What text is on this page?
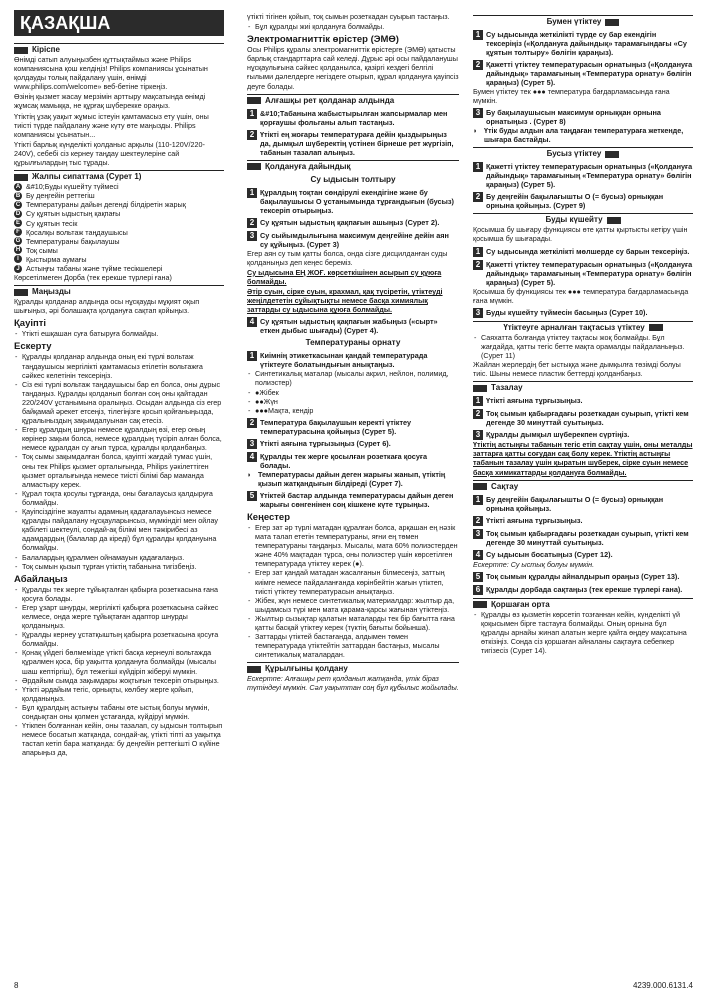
ҚАЗАҚША
Кіріспе
Өнімді сатып алуыңызбен құттықтаймыз және Philips компаниясына қош келдіңіз! Philips компаниясы ұсынатын қолдауды толық пайдалану үшін, өнімді www.philips.com/welcome» веб-бетіне тіркеңіз.
Өзінің қызмет жасау мерзімін арттыру мақсатында өнімді жұмсақ мамыққа, не құрғақ шүберекке ораңыз.
Үтіктің ұзақ уақыт жұмыс істеуін қамтамасыз ету үшін, оны тиісті түрде пайдалану және күту өте маңызды. Philips компаниясы ұсынатын...
Үтікті барлық күнделікті қолданыс арқылы (110-120V/220-240V), себебі сіз кернеу таңдау шектеулеріне сай құрылғылардың тыс тұрады.
Жалпы сипаттама (Сурет 1)
A &#10;Буды күшейту түймесі
B Бу деңгейін реттегіш
C Температураны дайын дегенді білдіретін жарық
D Су құятын ыдыстың қақпағы
E Су құятын тесік
F Қосалқы вольтаж таңдаушысы
G Температураны бақылаушы
H Тоқ сымы
I Қыстырма аумағы
J Астыңғы табаны және түйме тесікшелері
Көрсетілмеген Дорба (тек ерекше түрлері ғана)
Маңызды
Құралды қолданар алдында осы нұсқауды мұқият оқып шығыңыз, әрі болашақта қолдануға сақтап қойыңыз.
Қауіпті
- Үтікті ешқашан суға батыруға болмайды.
Ескерту
- Құралды қолданар алдында оның екі түрлі вольтаж таңдаушысы жергілікті қамтамасыз етілетін вольтажға сәйкес келетінін тексеріңіз.
- Сіз екі түрлі вольтаж таңдаушысы бар ел болса, оны дұрыс таңдаңыз. Құралды қолданып болған соң оны қайтадан 220/240V ұстанымына оралыңыз. Осыдан алдында сіз егер байқамай әрекет етсеңіз, тілегіңізге қосып қойғаныңызда, құралыныздың зақымдалуынан сақ етесіз.
- Егер құралдың шнуры немесе құралдың өзі, егер оның көрінер зақым болса, немесе құралдың түсіріп алған болса, немесе құралдан су ағып тұрса, құралды қолданбаңыз.
- Тоқ сымы зақымдалған болса, қауіпті жағдай тумас үшін, оны тек Philips қызмет орталығында, Philips уәкілеттіген қызмет орталығында немесе тиісті білімі бар маманда алмастыру керек.
- Құрал тоқта қосулы тұрғанда, оны бағалаусыз қалдыруға болмайды.
- Қауіпсіздігіне жауапты адамның қадағалауынсыз немесе құралды пайдалану нұсқауларынсыз, мүмкіндігі мен ойлау қабілеті шектеулі, сондай-ақ білімі мен тәжірибесі аз адамдардың (балалар да кіреді) бұл құралды қолдануына болмайды.
- Балалардың құралмен ойнамауын қадағалаңыз.
- Тоқ сымын қызып тұрған үтіктің табанына тигізбеңіз.
Абайлаңыз
- Құралды тек жерге тұйықталған қабырға розеткасына ғана қосуға болады.
- Егер ұзарт шнурды, жергілікті қабырға розеткасына сәйкес келмесе, онда жерге тұйықтаған адаптор шнурды қолданыңыз.
- Құралды кернеу ұстатқыштың қабырға розеткасына қосуға болмайды.
- Қонақ үйдегі бөлмемізде үтікті басқа кернеулі вольтажда құралмен қоса, бір уақытта қолдануға болмайды (мысалы шаш кептіргіш), бұл тежегіші күйдіріп жіберуі мүмкін.
- Әрдайым сымда зақымдары жоқтығын тексеріп отырыңыз.
- Үтікті әрдайым тегіс, орнықты, көлбеу жерге қойып, қолданыңыз.
- Бұл құралдың астыңғы табаны өте ыстық болуы мүмкін, сондықтан оны қолмен ұстағанда, күйдіруі мүмкін.
- Үтікпен болғаннан кейін, оны тазалап, су ыдысын толтырып немесе босатып жатқанда, сондай-ақ, үтікті тіпті аз уақытқа тастап кетіп бара жатқанда: бу деңгейін реттегішті О күйіне апарыңыз да,
үтікті тігінен қойып, тоқ сымын розеткадан суырып тастаңыз.
- Бұл құралды жиі қолдануға болмайды.
Электромагниттік өрістер (ЭМӨ)
Осы Philips құралы электромагниттік өрістерге (ЭМӨ) қатысты барлық стандарттарға сай келеді. Дұрыс әрі осы пайдаланушы нұсқаулығына сәйкес қолданылса, қазіргі кездегі белгілі ғылыми дәлелдерге негіздеге отырып, құрал қолдануға қауіпсіз деуге болады.
Алғашқы рет қолданар алдында
1 &#10;Табанына жабыстырылған жапсырмалар мен қорғаушы фольганы алып тастаңыз.
2 Үтікті ең жоғары температураға дейін қыздырыңыз да, дымқыл шүберектің үстінен бірнеше рет жүргізіп, табанын тазалап алыңыз.
Қолдануға дайындық
Су ыдысын толтыру
1 Құралдың тоқтан сөндірулі екендігіне және бу бақылаушысы О ұстанымында тұрғандығын (бусыз) тексеріп отырыңыз.
2 Су құятын ыдыстың қақпағын ашыңыз (Сурет 2).
3 Су сыйымдылығына максимум деңгейіне дейін аян су құйыңыз. (Сурет 3)
Егер аян су тым қатты болса, онда сізге дисцилданған суды қолданыңыз деп кеңес береміз.
Су ыдысына ЕҢ ЖОҒ. көрсеткішінен асырып су құюға болмайды.
Әтір суын, сірке суын, крахмал, қақ түсіретін, үтіктеуді жеңілдететін сұйықтықты немесе басқа химиялық заттарды су ыдысына құюға болмайды.
4 Су құятын ыдыстың қақпағын жабыңыз («сырт» еткен дыбыс шығады) (Сурет 4).
Температураны орнату
1 Киімнің этикеткасынан қандай температурада үтіктеуге болатындығын анықтаңыз.
- Синтетикалық маталар (мысалы акрил, нейлон, полимид, полиэстер)
- ●Жібек
- ●●Жүн
- ●●●Мақта, кендір
2 Температура бақылаушын керекті үтіктеу температурасына қойыңыз (Сурет 5).
3 Үтікті аяғына тұрғызыңыз (Сурет 6).
4 Құралды тек жерге қосылған розеткаға қосуға болады.
◗ Температурасы дайын деген жарығы жанып, үтіктің қызып жатқандығын білдіреді (Сурет 7).
5 Үтіктей бастар алдында температурасы дайын деген жарығы сөнгенінен соң кішкене күте тұрыңыз.
Кеңестер
- Егер зат әр түрлі матадан құралған болса, арқашан ең нәзік мата талап ететін температураны, яғни ең төмен температураны таңдаңыз. Мысалы, мата 60% полиэстерден және 40% мақтадан тұрса, оны полиэстер үшін көрсетілген температурада үтіктеу керек (●).
- Егер зат қандай матадан жасалғанын білмесеңіз, заттың киімге немесе пайдаланғанда көрінбейтін жағын үтіктеп, тиісті үтіктеу температурасын анықтаңыз.
- Жібек, жүн немесе синтетикалық материалдар: жылтыр да, шыдамсыз түрі мен мата қарама-қарсы жағынан үтіктеңіз.
- Жылтыр сызықтар қалатын маталарды тек бір бағытта ғана қатты басқай үтіктеу керек (түктің бағыты бойынша).
- Заттарды үтіктей бастағанда, алдымен төмен температурада үтіктейтін заттардан бастаңыз, мысалы синтетикалық маталардан.
Құрылғыны қолдану
Ескертпе: Алғашқы рет қолданып жатқанда, үтік біраз түтіндеуі мүмкін. Сәл уақыттан соң бұл құбылыс жойылады.
Бумен үтіктеу
1 Су ыдысында жеткілікті түрде су бар екендігін тексеріңіз («Қолдануға дайындық» тарамағындағы «Су құятын толтыру» бөлігін қараңыз).
2 Қажетті үтіктеу температурасын орнатыңыз («Қолдануға дайындық» тарамағының «Температура орнату» бөлігін қараңыз) (Сурет 5).
Бумен үтіктеу тек ●●● температура бағдарламасында ғана мүмкін.
3 Бу бақылаушысын максимум орныққан орнына орнатыңыз . (Сурет 8)
◗ Үтік буды алдын ала таңдаған температураға жеткенде, шығара бастайды.
Бусыз үтіктеу
1 Қажетті үтіктеу температурасын орнатыңыз («Қолдануға дайындық» тарамағының «Температура орнату» бөлігін қараңыз) (Сурет 5).
2 Бу деңгейін бақылағышты О (= бусыз) орныққан орнына қойыңыз. (Сурет 9)
Буды күшейту
Қосымша бу шығару функциясы өте қатты қыртысты кетіру үшін қосымша бу шығарады.
1 Су ыдысында жеткілікті мөлшерде су барын тексеріңіз.
2 Қажетті үтіктеу температурасын орнатыңыз («Қолдануға дайындық» тарамағының «Температура орнату» бөлігін қараңыз) (Сурет 5).
Қосымша бу функциясы тек ●●● температура бағдарламасында ғана мүмкін.
3 Буды күшейту түймесін басыңыз (Сурет 10).
Үтіктеуге арналған тақтасыз үтіктеу
- Саяхатта болғанда үтіктеу тақтасы жоқ болмайды. Бұл жағдайда, қатты тегіс бетте мақта орамалды пайдаланыңыз. (Сурет 11)
Жайлан жерлердің бет ыстыққа және дымқылға төзімді болуы тиіс. Шыны немесе пластик беттерді қолданбаңыз.
Тазалау
1 Үтікті аяғына тұрғызыңыз.
2 Тоқ сымын қабырғадағы розеткадан суырып, үтікті кем дегенде 30 минуттай суытыңыз.
3 Құралды дымқыл шүберекпен сүртіңіз.
Үтіктің астыңғы табанын тегіс етіп сақтау үшін, оны металды заттарға қатты соғудан сақ болу керек. Үтіктің астыңғы табанын тазалау үшін қыратын шүберек, сірке суын немесе басқа химикаттарды қолдануға болмайды.
Сақтау
1 Бу деңгейін бақылағышты О (= бусыз) орныққан орнына қойыңыз.
2 Үтікті аяғына тұрғызыңыз.
3 Тоқ сымын қабырғадағы розеткадан суырып, үтікті кем дегенде 30 минуттай суытыңыз.
4 Су ыдысын босатыңыз (Сурет 12).
Ескертпе: Су ыстық болуы мүмкін.
5 Тоқ сымын құралды айналдырып ораңыз (Сурет 13).
6 Құралды дорбада сақтаңыз (тек ерекше түрлері ғана).
Қоршаған орта
- Құралды өз қызметін көрсетіп тозғаннан кейін, күнделікті үй қоқысымен бірге тастауға болмайды. Оның орнына бұл құралды арнайы жинап алатын жерге қайта өңдеу мақсатына өткізіңіз. Сонда сіз қоршаған айналаны сақтауға себепкер тигізесіз (Сурет 14).
8	4239.000.6131.4
